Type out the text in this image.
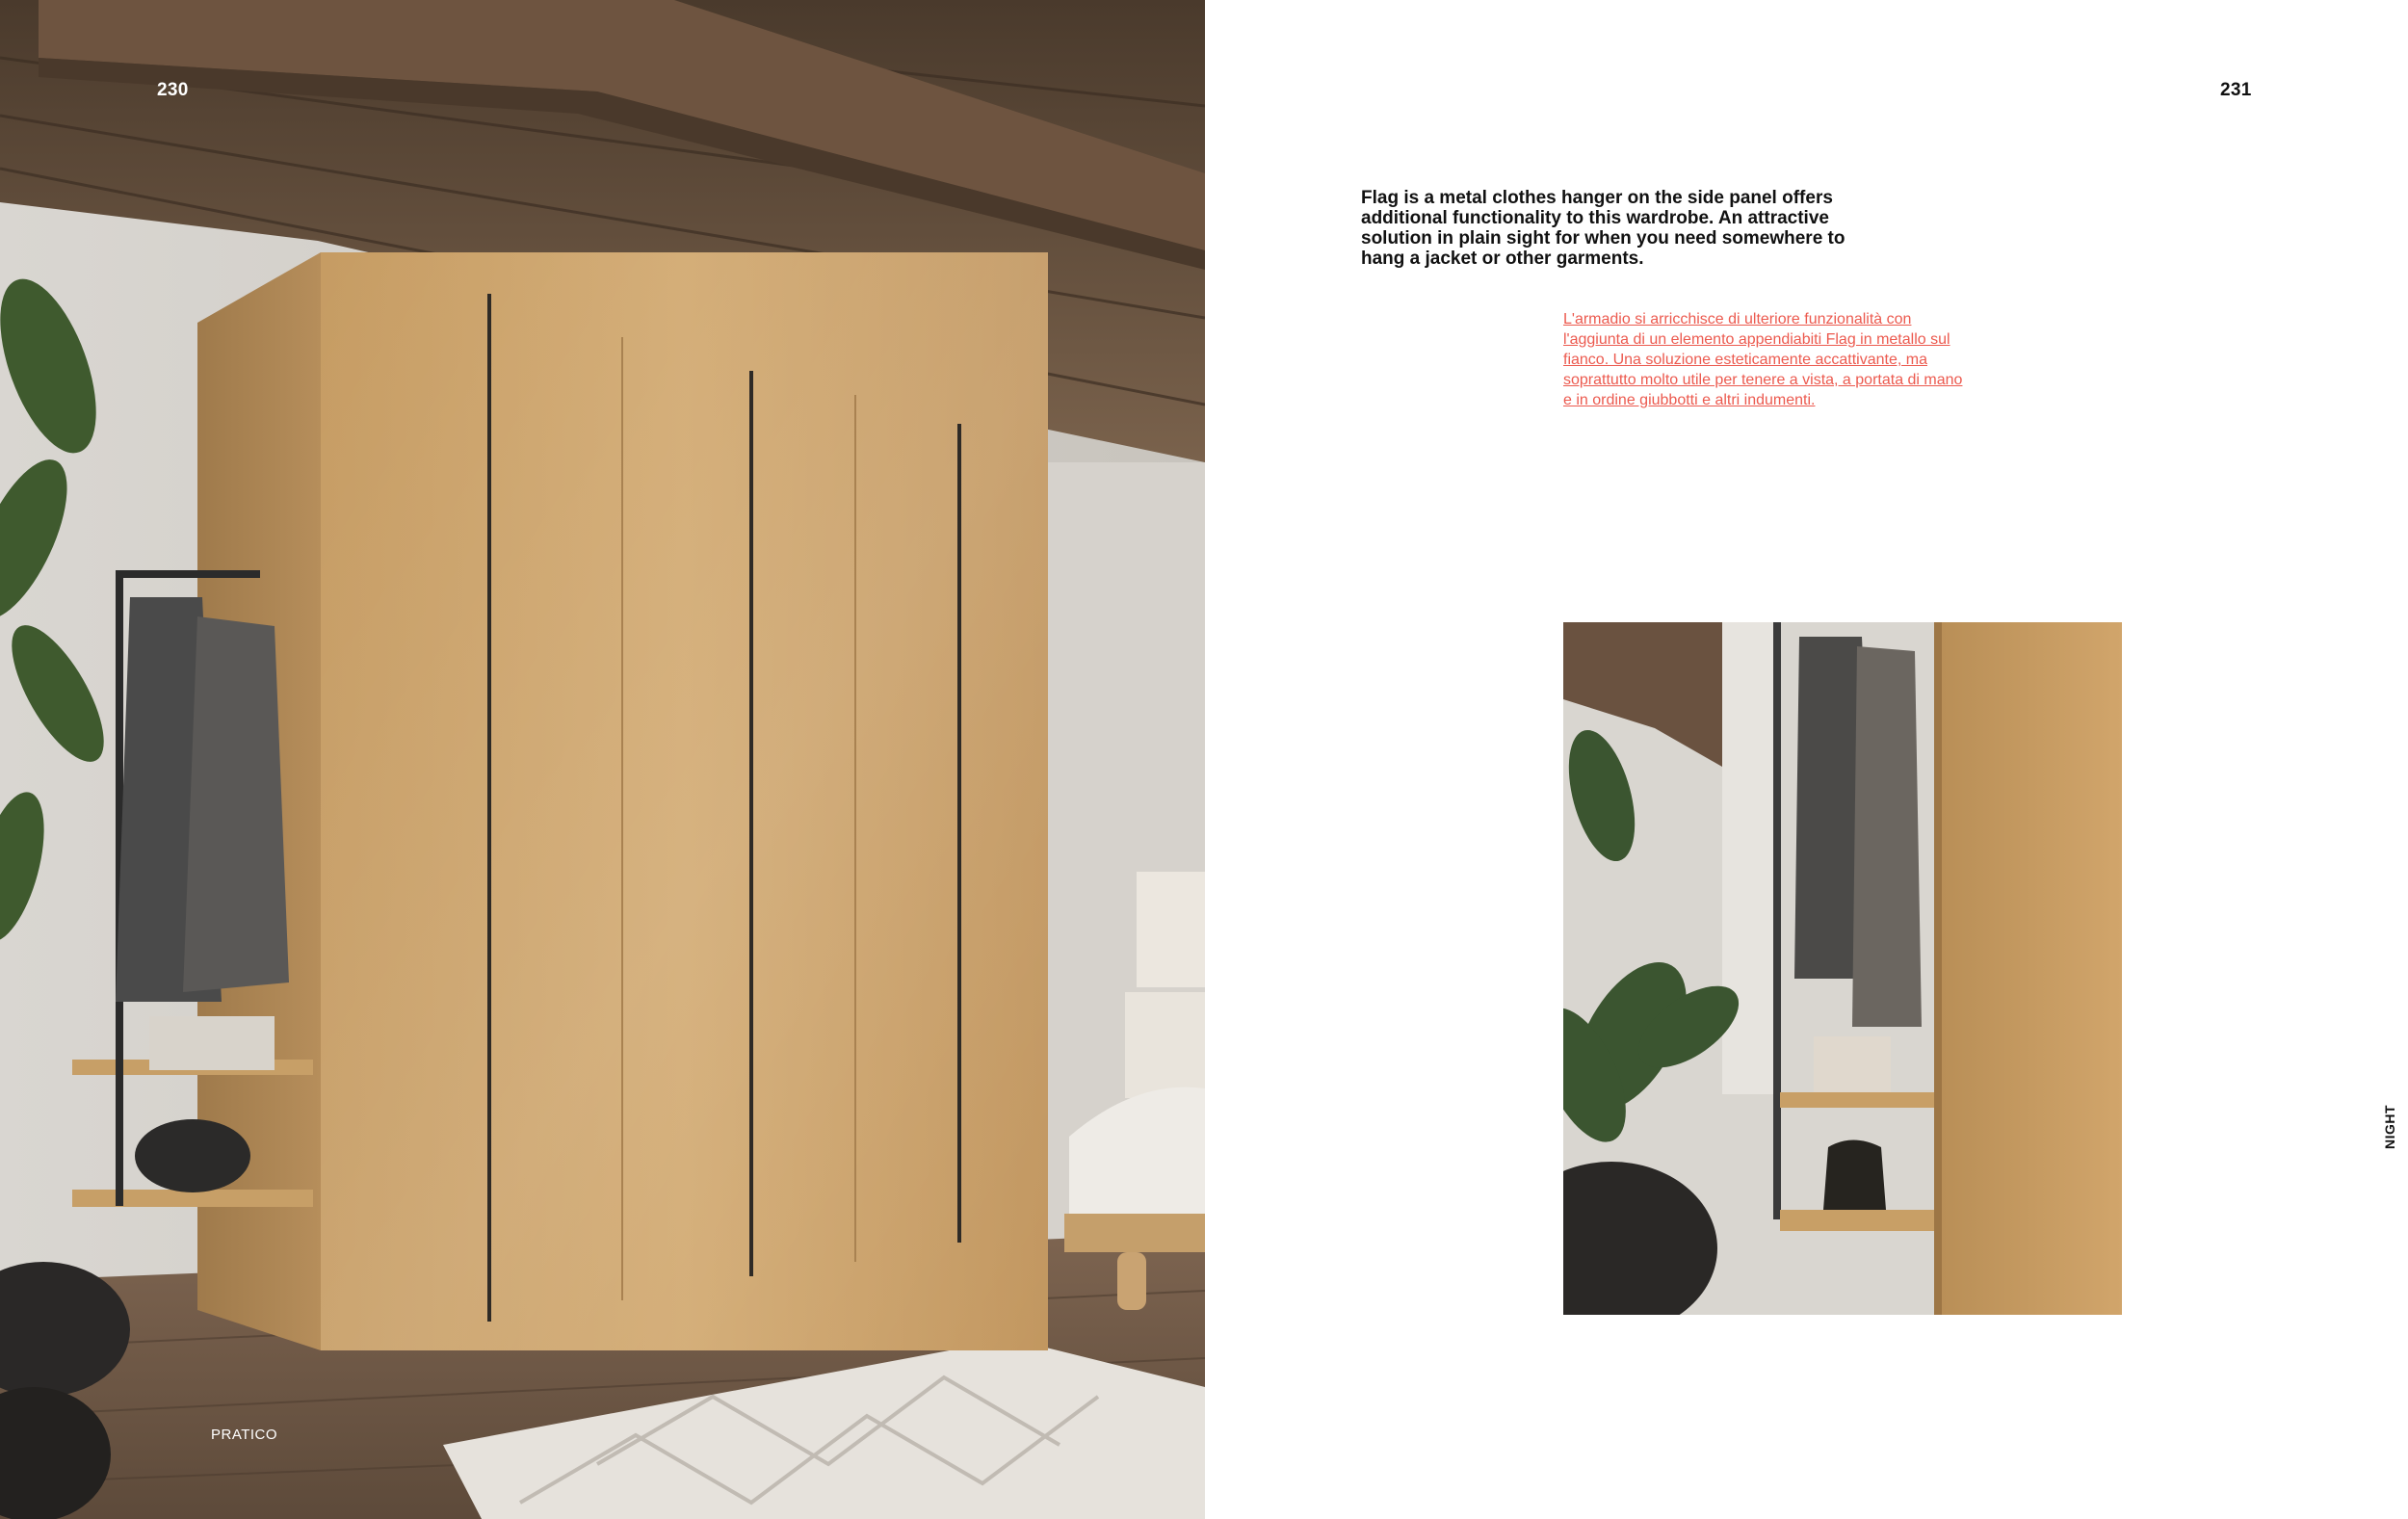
230
PRATICO
231

Flag is a metal clothes hanger on the side panel offers additional functionality to this wardrobe. An attractive solution in plain sight for when you need somewhere to hang a jacket or other garments.

L'armadio si arricchisce di ulteriore funzionalità con l'aggiunta di un elemento appendiabiti Flag in metallo sul fianco. Una soluzione esteticamente accattivante, ma soprattutto molto utile per tenere a vista, a portata di mano e in ordine giubbotti e altri indumenti.

NIGHT
